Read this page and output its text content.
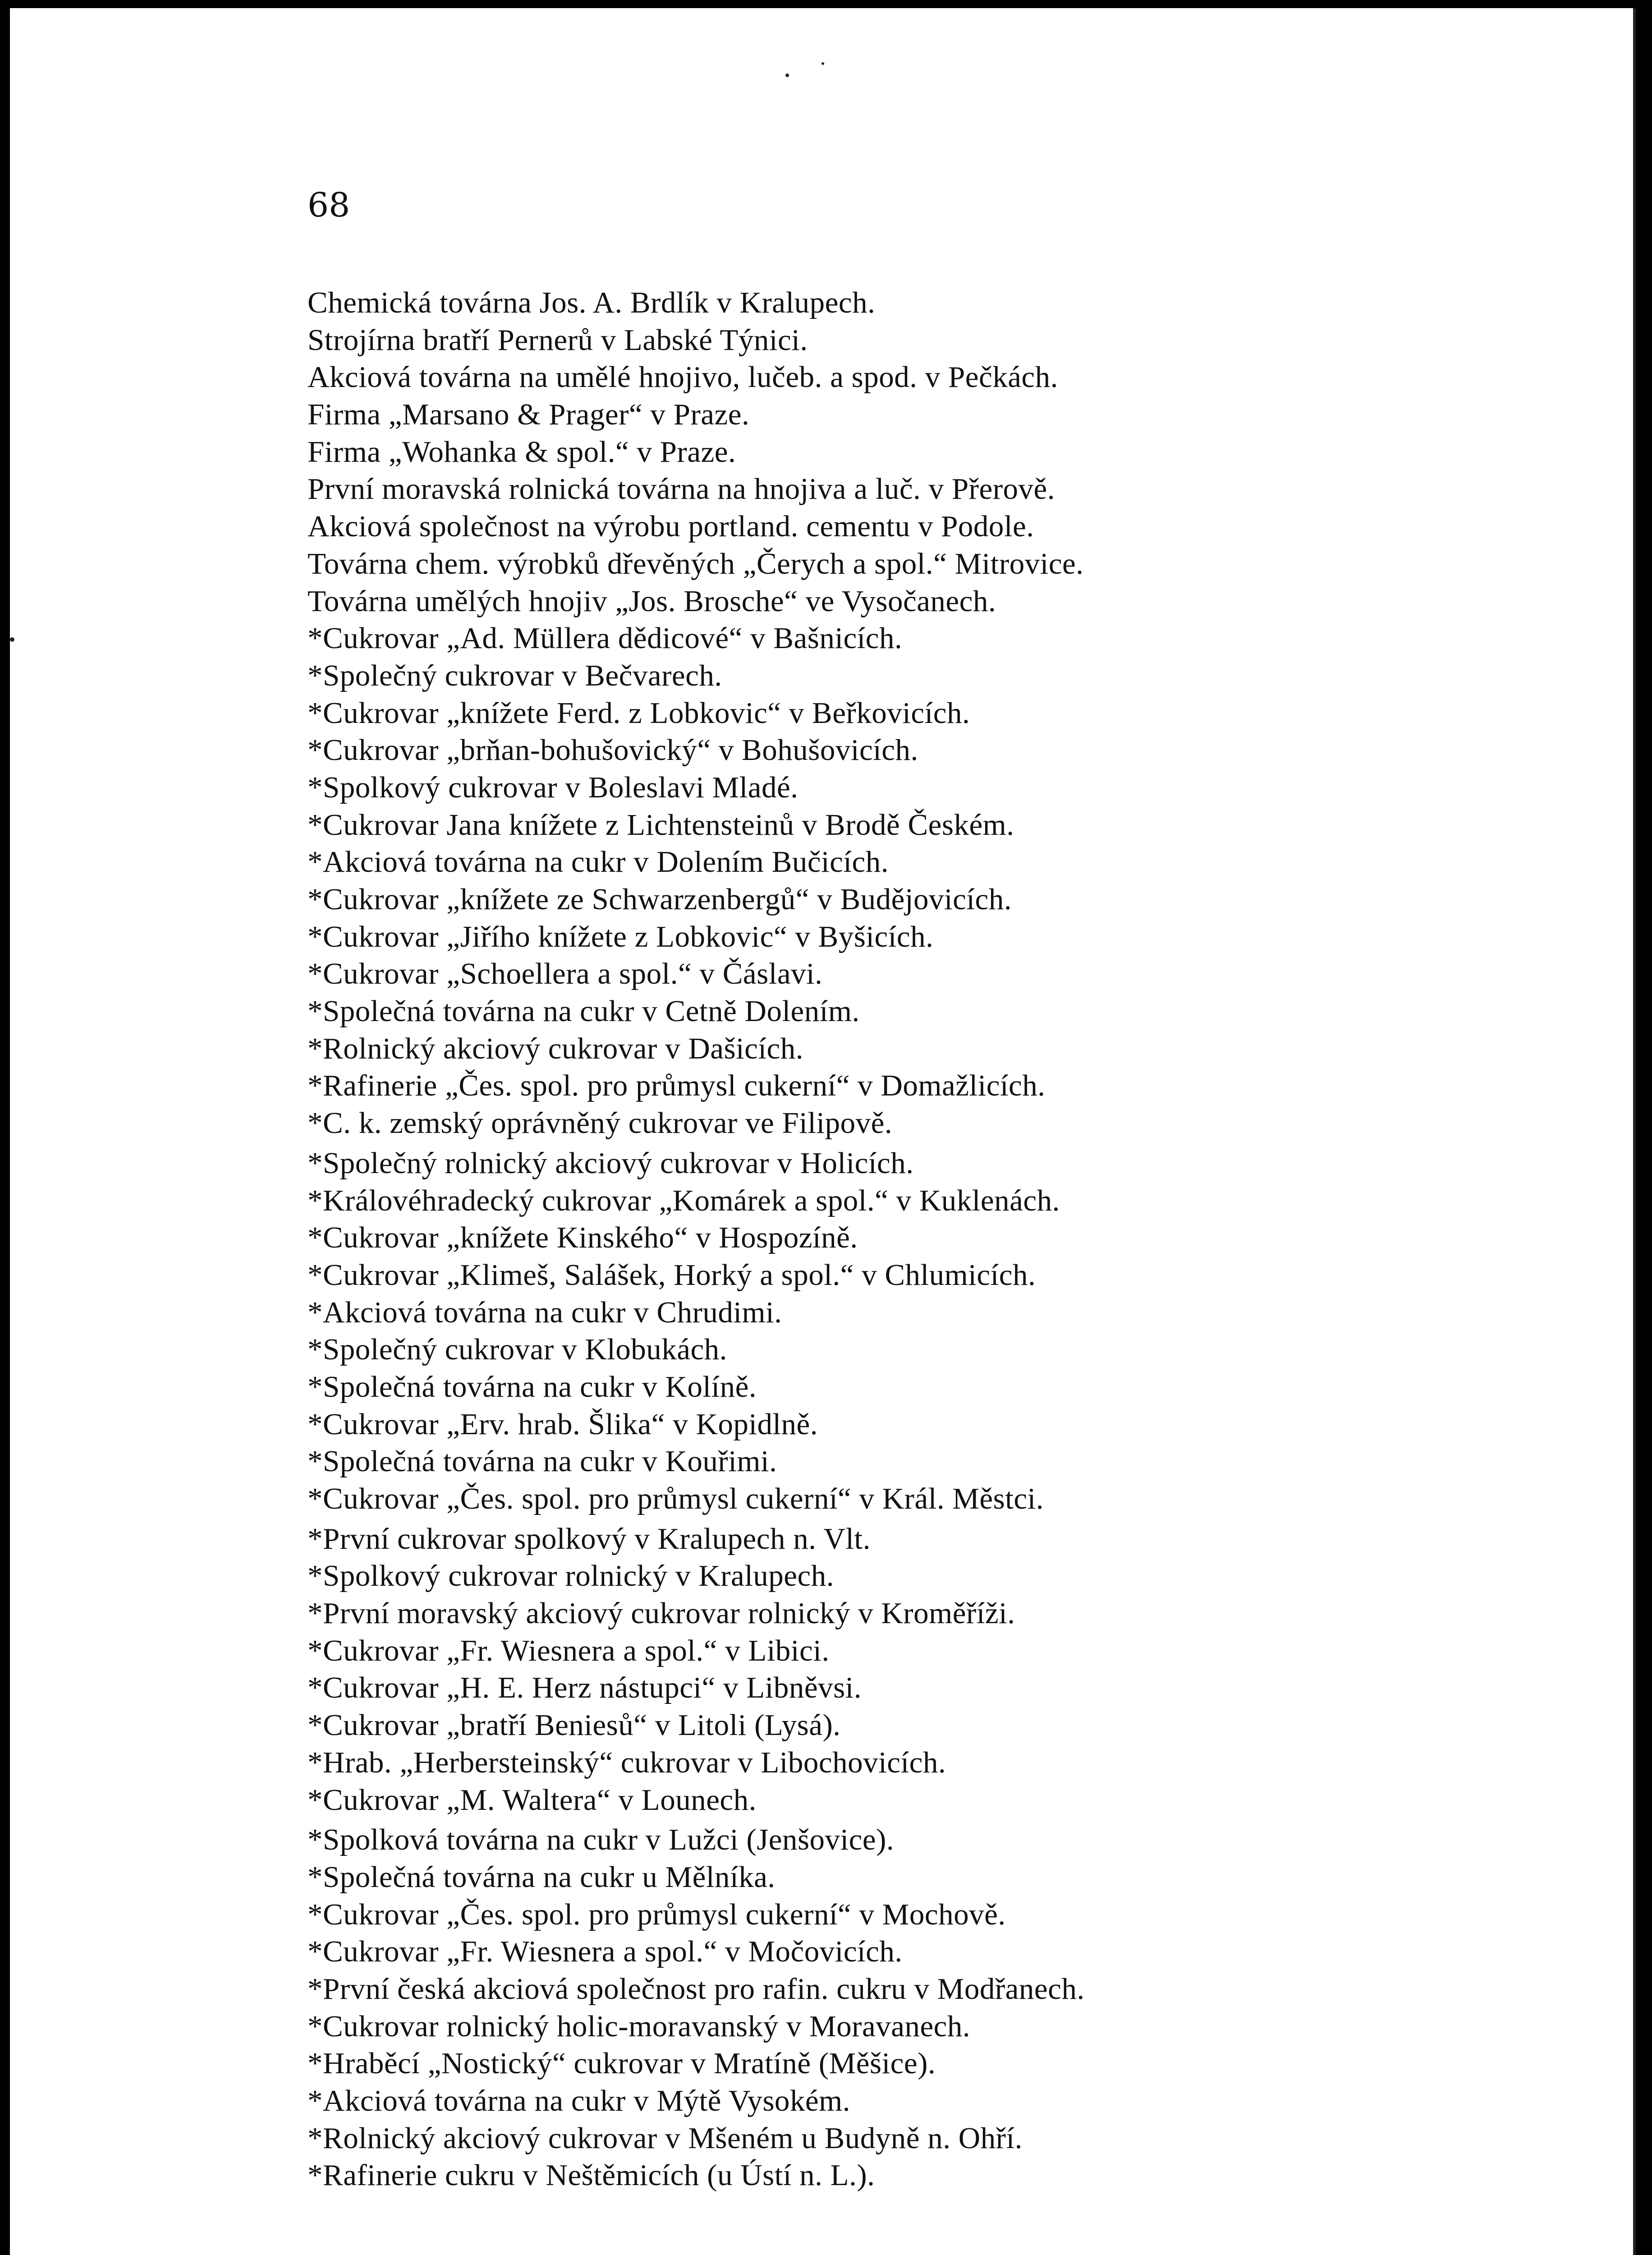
68
Chemická továrna Jos. A. Brdlík v Kralupech.
Strojírna bratří Pernerů v Labské Týnici.
Akciová továrna na umělé hnojivo, lučeb. a spod. v Pečkách.
Firma „Marsano & Prager“ v Praze.
Firma „Wohanka & spol.“ v Praze.
První moravská rolnická továrna na hnojiva a luč. v Přerově.
Akciová společnost na výrobu portland. cementu v Podole.
Továrna chem. výrobků dřevěných „Čerych a spol.“ Mitrovice.
Továrna umělých hnojiv „Jos. Brosche“ ve Vysočanech.
*Cukrovar „Ad. Müllera dědicové“ v Bašnicích.
*Společný cukrovar v Bečvarech.
*Cukrovar „knížete Ferd. z Lobkovic“ v Beřkovicích.
*Cukrovar „brňan-bohušovický“ v Bohušovicích.
*Spolkový cukrovar v Boleslavi Mladé.
*Cukrovar Jana knížete z Lichtensteinů v Brodě Českém.
*Akciová továrna na cukr v Dolením Bučicích.
*Cukrovar „knížete ze Schwarzenbergů“ v Budějovicích.
*Cukrovar „Jiřího knížete z Lobkovic“ v Byšicích.
*Cukrovar „Schoellera a spol.“ v Čáslavi.
*Společná továrna na cukr v Cetně Dolením.
*Rolnický akciový cukrovar v Dašicích.
*Rafinerie „Čes. spol. pro průmysl cukerní“ v Domažlicích.
*C. k. zemský oprávněný cukrovar ve Filipově.
*Společný rolnický akciový cukrovar v Holicích.
*Královéhradecký cukrovar „Komárek a spol.“ v Kuklenách.
*Cukrovar „knížete Kinského“ v Hospozíně.
*Cukrovar „Klimeš, Salášek, Horký a spol.“ v Chlumicích.
*Akciová továrna na cukr v Chrudimi.
*Společný cukrovar v Klobukách.
*Společná továrna na cukr v Kolíně.
*Cukrovar „Erv. hrab. Šlika“ v Kopidlně.
*Společná továrna na cukr v Kouřimi.
*Cukrovar „Čes. spol. pro průmysl cukerní“ v Král. Městci.
*První cukrovar spolkový v Kralupech n. Vlt.
*Spolkový cukrovar rolnický v Kralupech.
*První moravský akciový cukrovar rolnický v Kroměříži.
*Cukrovar „Fr. Wiesnera a spol.“ v Libici.
*Cukrovar „H. E. Herz nástupci“ v Libněvsi.
*Cukrovar „bratří Beniesů“ v Litoli (Lysá).
*Hrab. „Herbersteinský“ cukrovar v Libochovicích.
*Cukrovar „M. Waltera“ v Lounech.
*Spolková továrna na cukr v Lužci (Jenšovice).
*Společná továrna na cukr u Mělníka.
*Cukrovar „Čes. spol. pro průmysl cukerní“ v Mochově.
*Cukrovar „Fr. Wiesnera a spol.“ v Močovicích.
*První česká akciová společnost pro rafin. cukru v Modřanech.
*Cukrovar rolnický holic-moravanský v Moravanech.
*Hraběcí „Nostický“ cukrovar v Mratíně (Měšice).
*Akciová továrna na cukr v Mýtě Vysokém.
*Rolnický akciový cukrovar v Mšeném u Budyně n. Ohří.
*Rafinerie cukru v Neštěmicích (u Ústí n. L.).
